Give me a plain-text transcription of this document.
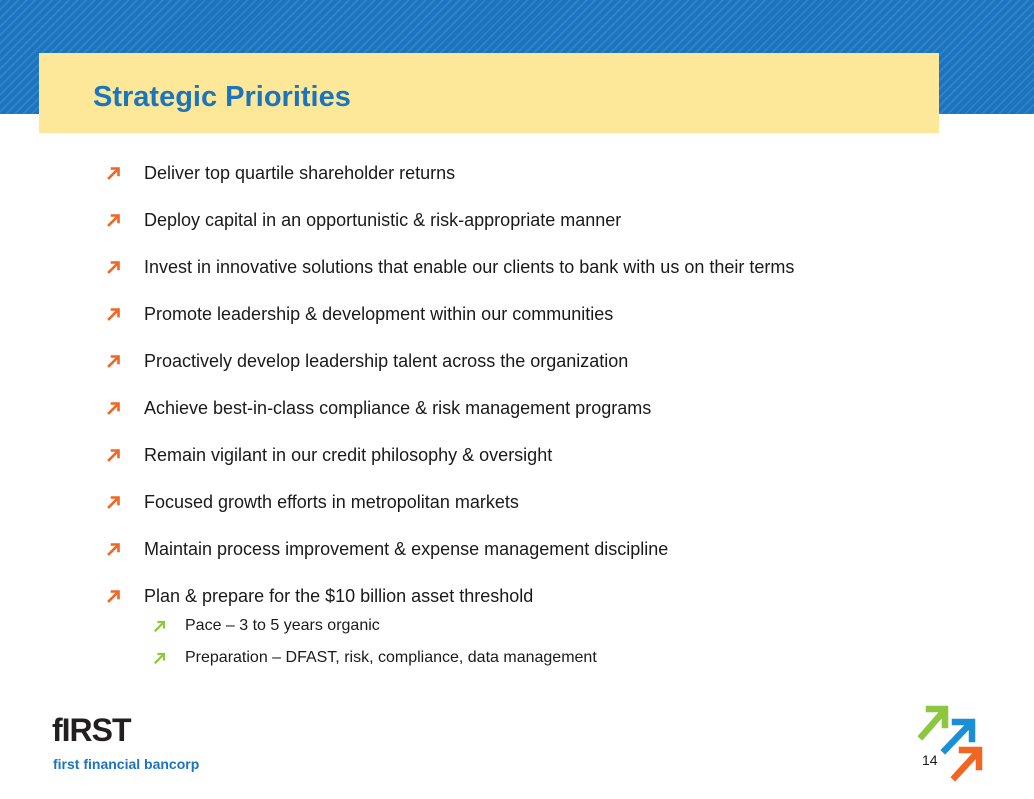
Strategic Priorities
Deliver top quartile shareholder returns
Deploy capital in an opportunistic & risk-appropriate manner
Invest in innovative solutions that enable our clients to bank with us on their terms
Promote leadership & development within our communities
Proactively develop leadership talent across the organization
Achieve best-in-class compliance & risk management programs
Remain vigilant in our credit philosophy & oversight
Focused growth efforts in metropolitan markets
Maintain process improvement & expense management discipline
Plan & prepare for the $10 billion asset threshold
Pace – 3 to 5 years organic
Preparation – DFAST, risk, compliance, data management
fIRST
first financial bancorp	14
